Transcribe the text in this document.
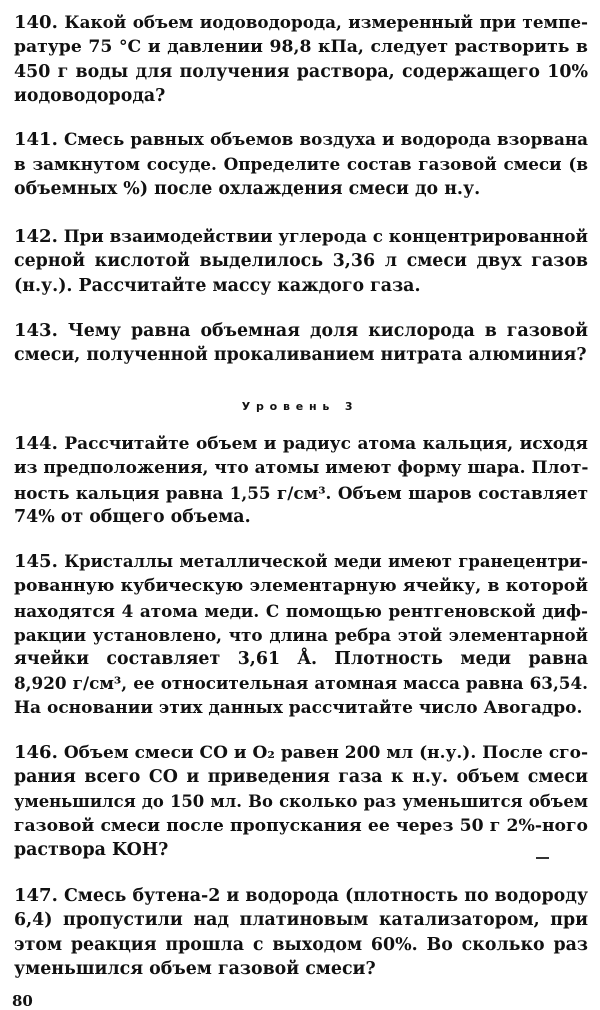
140. Какой объем иодоводорода, измеренный при темпе-
ратуре 75 °С и давлении 98,8 кПа, следует растворить в
450 г воды для получения раствора, содержащего 10%
иодоводорода?
141. Смесь равных объемов воздуха и водорода взорвана
в замкнутом сосуде. Определите состав газовой смеси (в
объемных %) после охлаждения смеси до н.у.
142. При взаимодействии углерода с концентрированной
серной кислотой выделилось 3,36 л смеси двух газов
(н.у.). Рассчитайте массу каждого газа.
143. Чему равна объемная доля кислорода в газовой
смеси, полученной прокаливанием нитрата алюминия?
Уровень 3
144. Рассчитайте объем и радиус атома кальция, исходя
из предположения, что атомы имеют форму шара. Плот-
ность кальция равна 1,55 г/см³. Объем шаров составляет
74% от общего объема.
145. Кристаллы металлической меди имеют гранецентри-
рованную кубическую элементарную ячейку, в которой
находятся 4 атома меди. С помощью рентгеновской диф-
ракции установлено, что длина ребра этой элементарной
ячейки составляет 3,61 Å. Плотность меди равна
8,920 г/см³, ее относительная атомная масса равна 63,54.
На основании этих данных рассчитайте число Авогадро.
146. Объем смеси CO и O₂ равен 200 мл (н.у.). После сго-
рания всего CO и приведения газа к н.у. объем смеси
уменьшился до 150 мл. Во сколько раз уменьшится объем
газовой смеси после пропускания ее через 50 г 2%-ного
раствора KOH?
147. Смесь бутена-2 и водорода (плотность по водороду
6,4) пропустили над платиновым катализатором, при
этом реакция прошла с выходом 60%. Во сколько раз
уменьшился объем газовой смеси?
80
